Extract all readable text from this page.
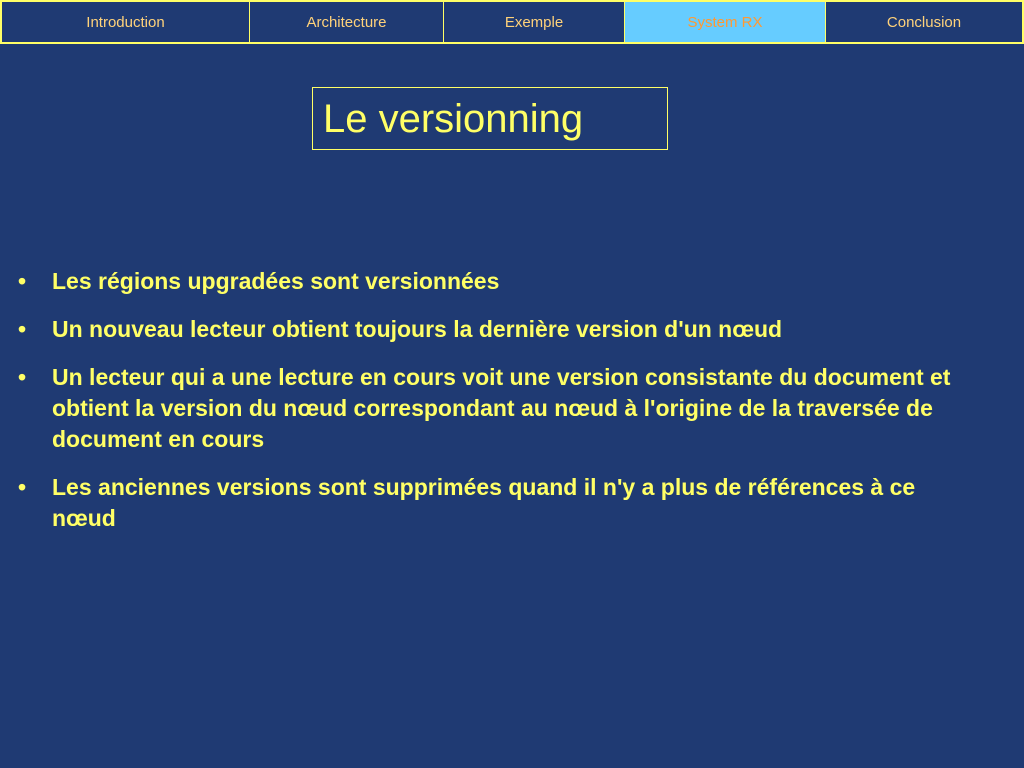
Introduction	Architecture	Exemple	System RX	Conclusion
Le versionning
•	Les régions upgradées sont versionnées
•	Un nouveau lecteur obtient toujours la dernière version d'un nœud
•	Un lecteur qui a une lecture en cours voit une version consistante du document et obtient la version du nœud correspondant au nœud à l'origine de la traversée de document en cours
•	Les anciennes versions sont supprimées quand il n'y a plus de références à ce nœud
